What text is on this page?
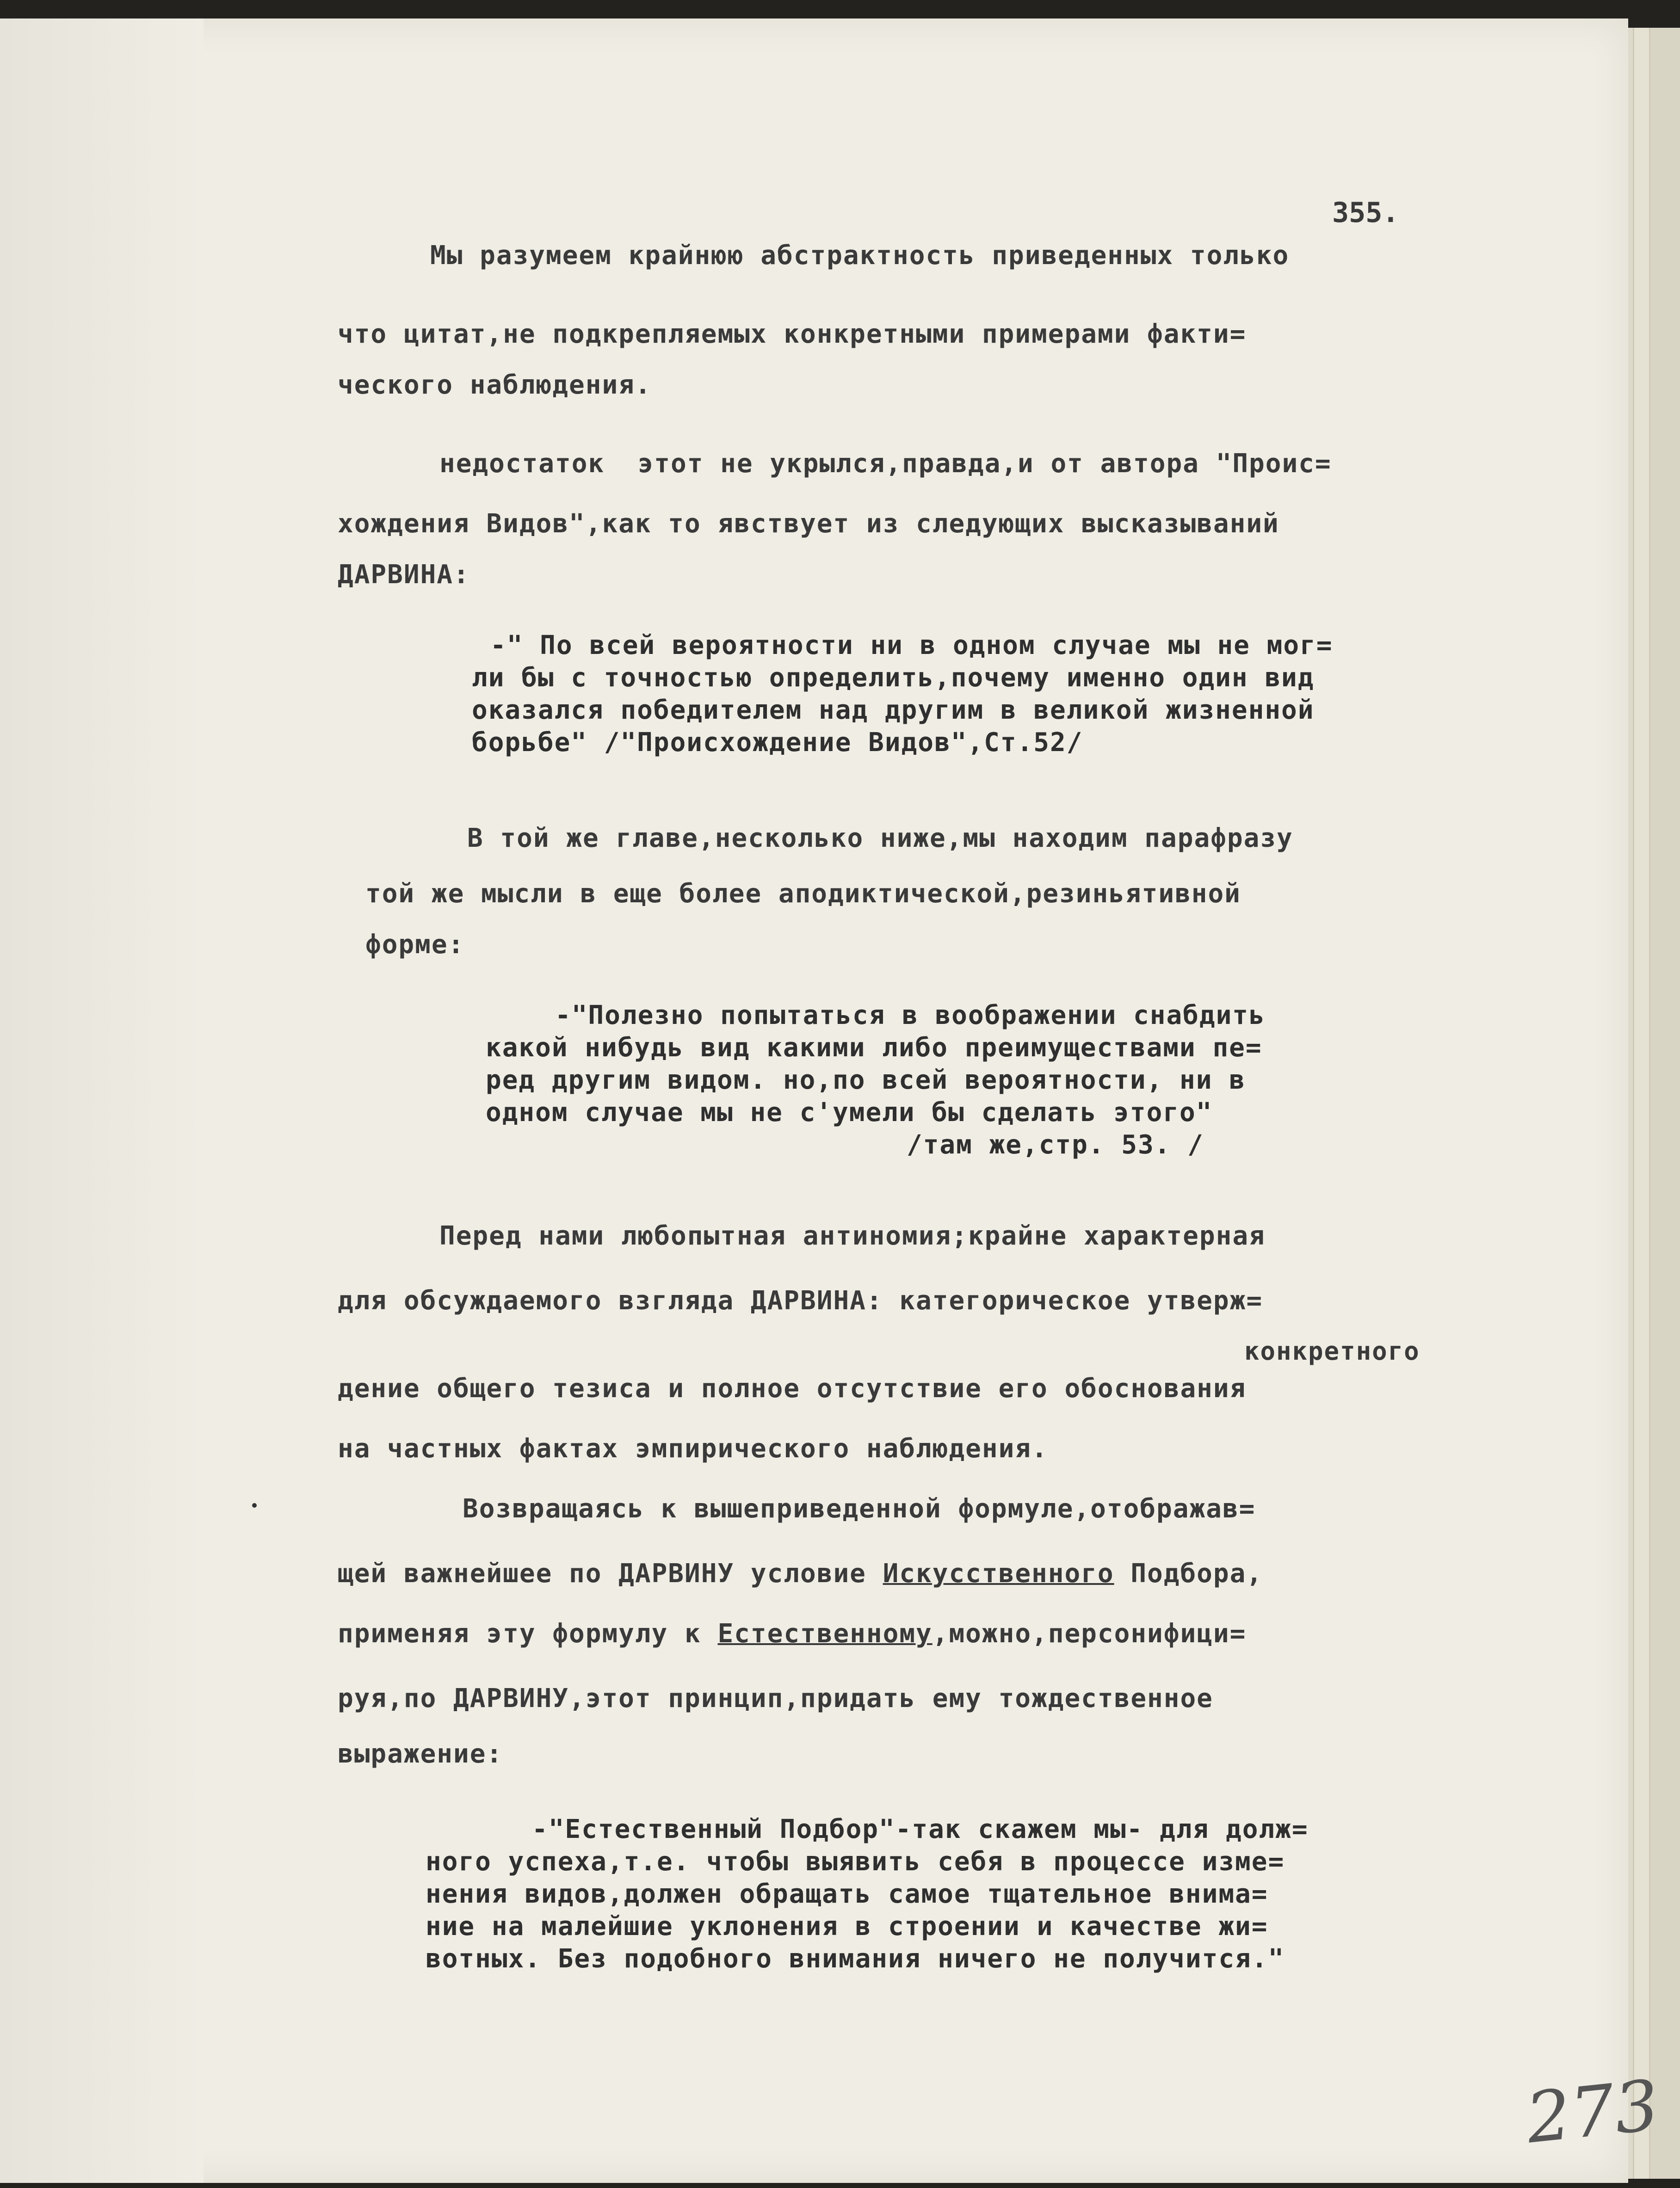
355.
Мы разумеем крайнюю абстрактность приведенных только
что цитат,не подкрепляемых конкретными примерами факти=
ческого наблюдения.
недостаток  этот не укрылся,правда,и от автора "Проис=
хождения Видов",как то явствует из следующих высказываний
ДАРВИНА:
-" По всей вероятности ни в одном случае мы не мог=
ли бы с точностью определить,почему именно один вид
оказался победителем над другим в великой жизненной
борьбе" /"Происхождение Видов",Ст.52/
В той же главе,несколько ниже,мы находим парафразу
той же мысли в еще более аподиктической,резиньятивной
форме:
-"Полезно попытаться в воображении снабдить
какой нибудь вид какими либо преимуществами пе=
ред другим видом. но,по всей вероятности, ни в
одном случае мы не с'умели бы сделать этого"
/там же,стр. 53. /
Перед нами любопытная антиномия;крайне характерная
для обсуждаемого взгляда ДАРВИНА: категорическое утверж=
конкретного
дение общего тезиса и полное отсутствие его обоснования
на частных фактах эмпирического наблюдения.
Возвращаясь к вышеприведенной формуле,отображав=
щей важнейшее по ДАРВИНУ условие Искусственного Подбора,
применяя эту формулу к Естественному,можно,персонифици=
руя,по ДАРВИНУ,этот принцип,придать ему тождественное
выражение:
-"Естественный Подбор"-так скажем мы- для долж=
ного успеха,т.е. чтобы выявить себя в процессе изме=
нения видов,должен обращать самое тщательное внима=
ние на малейшие уклонения в строении и качестве жи=
вотных. Без подобного внимания ничего не получится."
273
